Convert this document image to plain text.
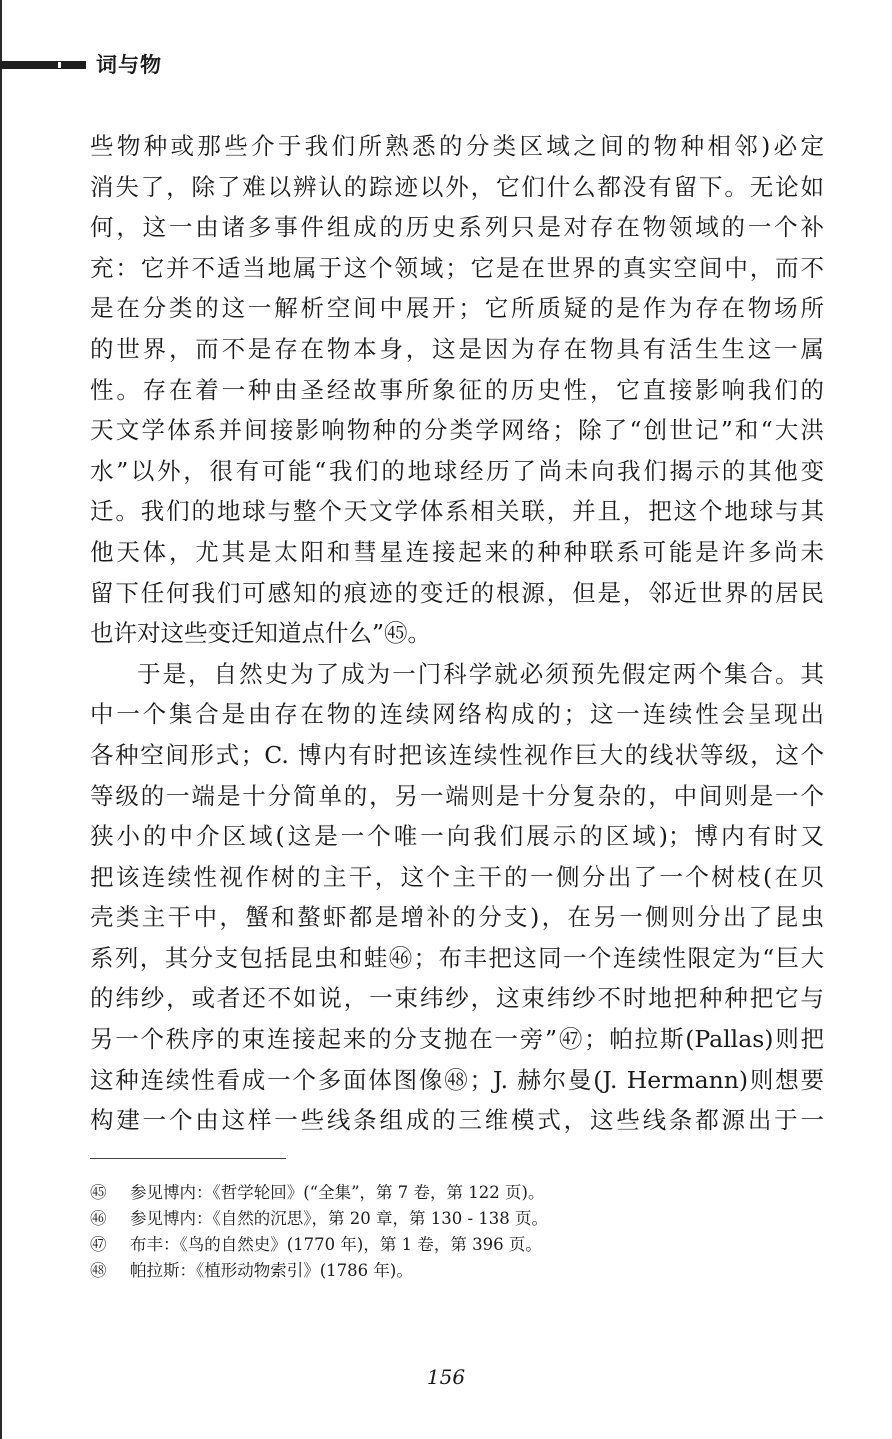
词与物
些物种或那些介于我们所熟悉的分类区域之间的物种相邻)必定
消失了，除了难以辨认的踪迹以外，它们什么都没有留下。无论如
何，这一由诸多事件组成的历史系列只是对存在物领域的一个补
充：它并不适当地属于这个领域；它是在世界的真实空间中，而不
是在分类的这一解析空间中展开；它所质疑的是作为存在物场所
的世界，而不是存在物本身，这是因为存在物具有活生生这一属
性。存在着一种由圣经故事所象征的历史性，它直接影响我们的
天文学体系并间接影响物种的分类学网络；除了“创世记”和“大洪
水”以外，很有可能“我们的地球经历了尚未向我们揭示的其他变
迁。我们的地球与整个天文学体系相关联，并且，把这个地球与其
他天体，尤其是太阳和彗星连接起来的种种联系可能是许多尚未
留下任何我们可感知的痕迹的变迁的根源，但是，邻近世界的居民
也许对这些变迁知道点什么”㊺。
于是，自然史为了成为一门科学就必须预先假定两个集合。其
中一个集合是由存在物的连续网络构成的；这一连续性会呈现出
各种空间形式；C. 博内有时把该连续性视作巨大的线状等级，这个
等级的一端是十分简单的，另一端则是十分复杂的，中间则是一个
狭小的中介区域(这是一个唯一向我们展示的区域)；博内有时又
把该连续性视作树的主干，这个主干的一侧分出了一个树枝(在贝
壳类主干中，蟹和螯虾都是增补的分支)，在另一侧则分出了昆虫
系列，其分支包括昆虫和蛙㊻；布丰把这同一个连续性限定为“巨大
的纬纱，或者还不如说，一束纬纱，这束纬纱不时地把种种把它与
另一个秩序的束连接起来的分支抛在一旁”㊼；帕拉斯(Pallas)则把
这种连续性看成一个多面体图像㊽；J. 赫尔曼(J. Hermann)则想要
构建一个由这样一些线条组成的三维模式，这些线条都源出于一
㊺ 参见博内：《哲学轮回》(“全集”，第 7 卷，第 122 页)。
㊻ 参见博内：《自然的沉思》，第 20 章，第 130 - 138 页。
㊼ 布丰：《鸟的自然史》(1770 年)，第 1 卷，第 396 页。
㊽ 帕拉斯：《植形动物索引》(1786 年)。
156
